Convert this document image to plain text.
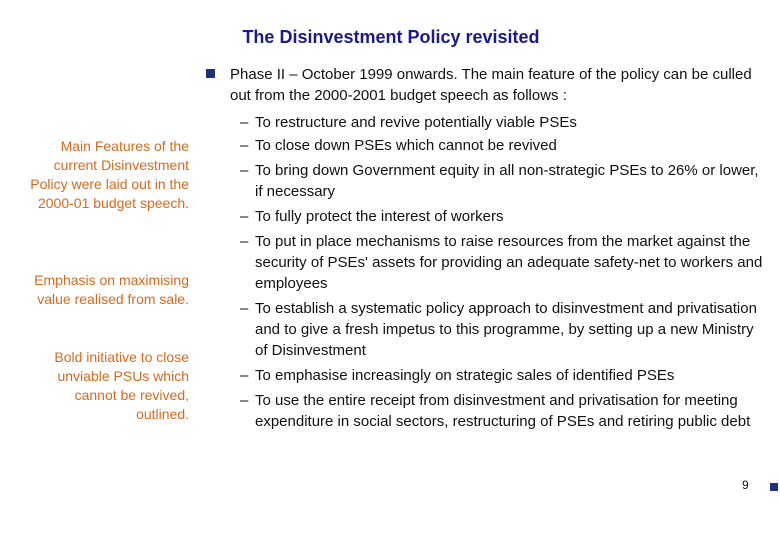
The Disinvestment Policy revisited
Main Features of the current Disinvestment Policy were laid out in the 2000-01 budget speech.
Emphasis on maximising value realised from sale.
Bold initiative to close unviable PSUs which cannot be revived, outlined.
Phase II – October 1999 onwards. The main feature of the policy can be culled out from the 2000-2001 budget speech as follows :
– To restructure and revive potentially viable PSEs
– To close down PSEs which cannot be revived
– To bring down Government equity in all non-strategic PSEs to 26% or lower, if necessary
– To fully protect the interest of workers
– To put in place mechanisms to raise resources from the market against the security of PSEs' assets for providing an adequate safety-net to workers and employees
– To establish a systematic policy approach to disinvestment and privatisation and to give a fresh impetus to this programme, by setting up a new Ministry of Disinvestment
– To emphasise increasingly on strategic sales of identified PSEs
– To use the entire receipt from disinvestment and privatisation for meeting expenditure in social sectors, restructuring of PSEs and retiring public debt
9
